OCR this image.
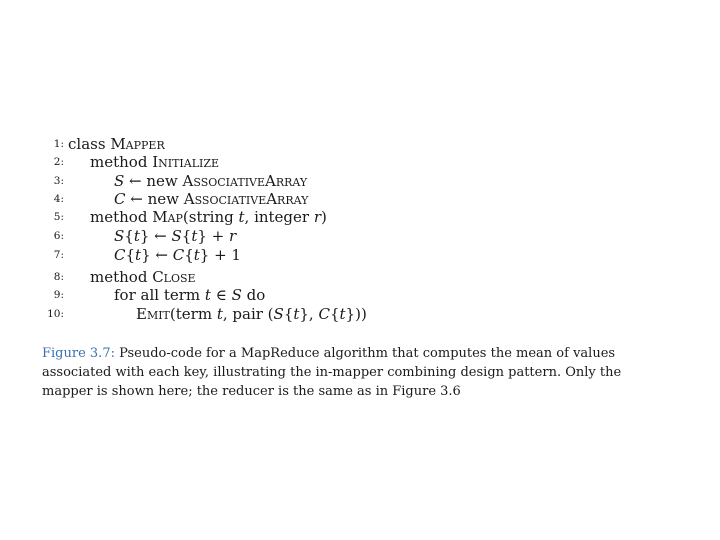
1: class Mapper
2: method Initialize
3:	S ← new AssociativeArray
4:	C ← new AssociativeArray
5: method Map(string t, integer r)
6:	S{t} ← S{t} + r
7:	C{t} ← C{t} + 1
8: method Close
9:	for all term t ∈ S do
10:	Emit(term t, pair (S{t}, C{t}))
Figure 3.7: Pseudo-code for a MapReduce algorithm that computes the mean of values associated with each key, illustrating the in-mapper combining design pattern. Only the mapper is shown here; the reducer is the same as in Figure 3.6
